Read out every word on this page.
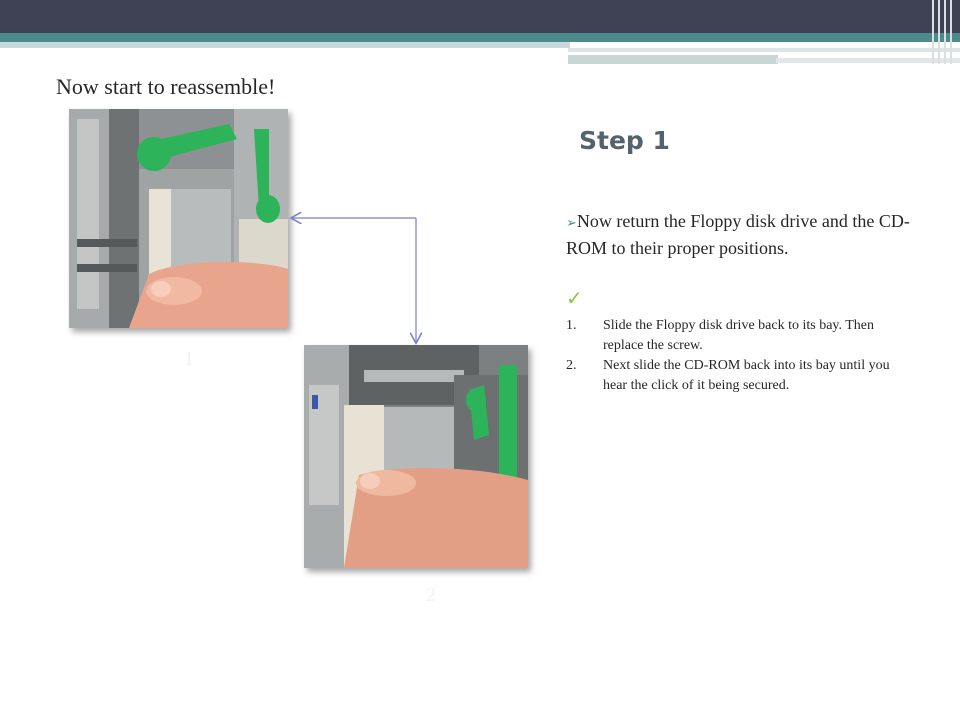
Now start to reassemble!
Step 1
1
2
➢Now return the Floppy disk drive and the CD-ROM to their proper positions.
✓
1. Slide the Floppy disk drive back to its bay. Then replace the screw.
2. Next slide the CD-ROM back into its bay until you hear the click of it being secured.
